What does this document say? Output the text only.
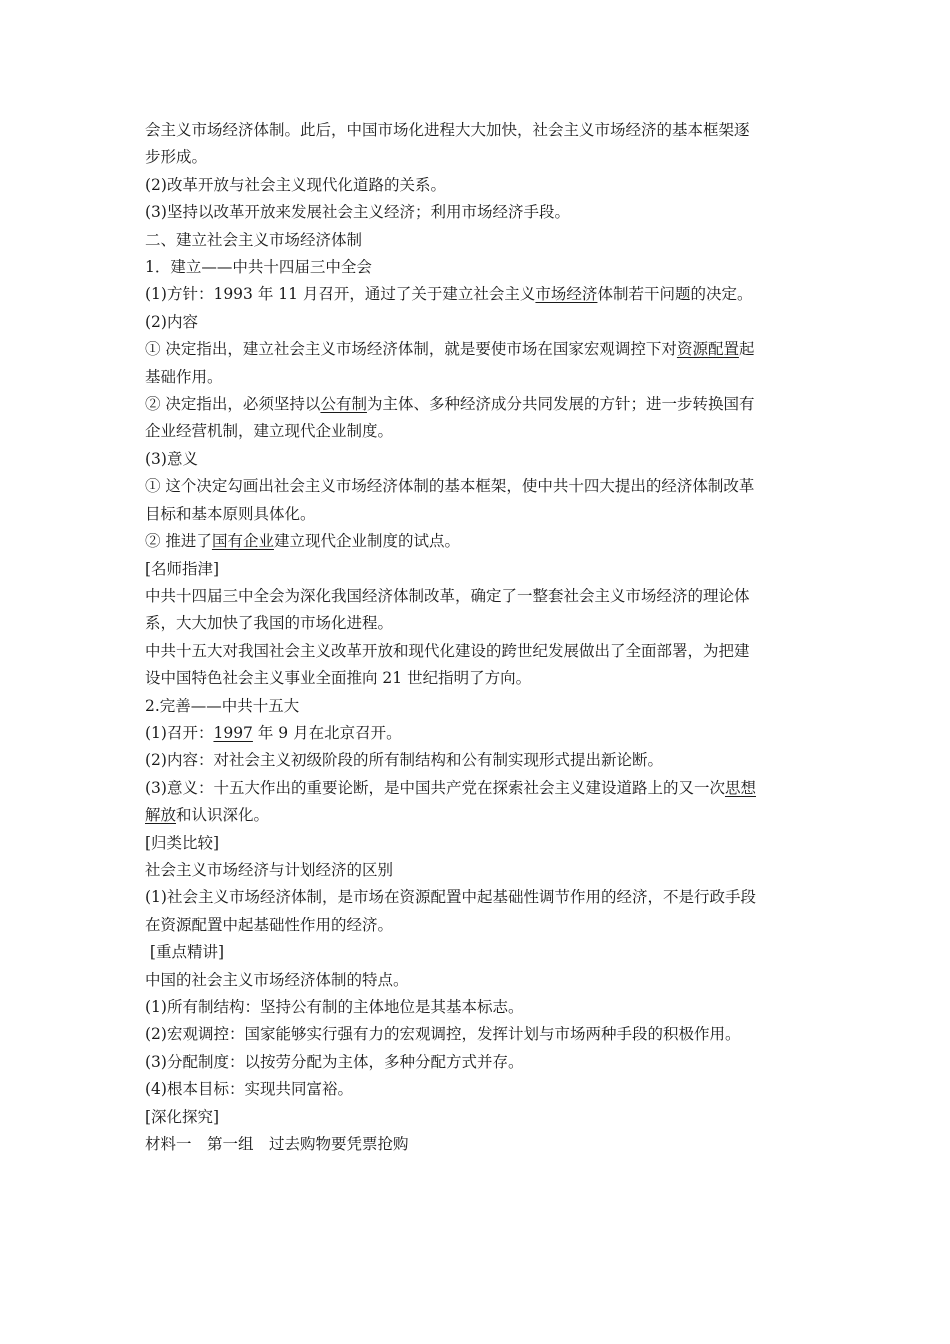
会主义市场经济体制。此后，中国市场化进程大大加快，社会主义市场经济的基本框架逐
步形成。
(2)改革开放与社会主义现代化道路的关系。
(3)坚持以改革开放来发展社会主义经济；利用市场经济手段。
二、建立社会主义市场经济体制
1．建立——中共十四届三中全会
(1)方针：1993 年 11 月召开，通过了关于建立社会主义市场经济体制若干问题的决定。
(2)内容
① 决定指出，建立社会主义市场经济体制，就是要使市场在国家宏观调控下对资源配置起
基础作用。
② 决定指出，必须坚持以公有制为主体、多种经济成分共同发展的方针；进一步转换国有
企业经营机制，建立现代企业制度。
(3)意义
① 这个决定勾画出社会主义市场经济体制的基本框架，使中共十四大提出的经济体制改革
目标和基本原则具体化。
② 推进了国有企业建立现代企业制度的试点。
[名师指津]
中共十四届三中全会为深化我国经济体制改革，确定了一整套社会主义市场经济的理论体
系，大大加快了我国的市场化进程。
中共十五大对我国社会主义改革开放和现代化建设的跨世纪发展做出了全面部署，为把建
设中国特色社会主义事业全面推向 21 世纪指明了方向。
2.完善——中共十五大
(1)召开：1997 年 9 月在北京召开。
(2)内容：对社会主义初级阶段的所有制结构和公有制实现形式提出新论断。
(3)意义：十五大作出的重要论断，是中国共产党在探索社会主义建设道路上的又一次思想
解放和认识深化。
[归类比较]
社会主义市场经济与计划经济的区别
(1)社会主义市场经济体制，是市场在资源配置中起基础性调节作用的经济，不是行政手段
在资源配置中起基础性作用的经济。
[重点精讲]
中国的社会主义市场经济体制的特点。
(1)所有制结构：坚持公有制的主体地位是其基本标志。
(2)宏观调控：国家能够实行强有力的宏观调控，发挥计划与市场两种手段的积极作用。
(3)分配制度：以按劳分配为主体，多种分配方式并存。
(4)根本目标：实现共同富裕。
[深化探究]
材料一　第一组　过去购物要凭票抢购
